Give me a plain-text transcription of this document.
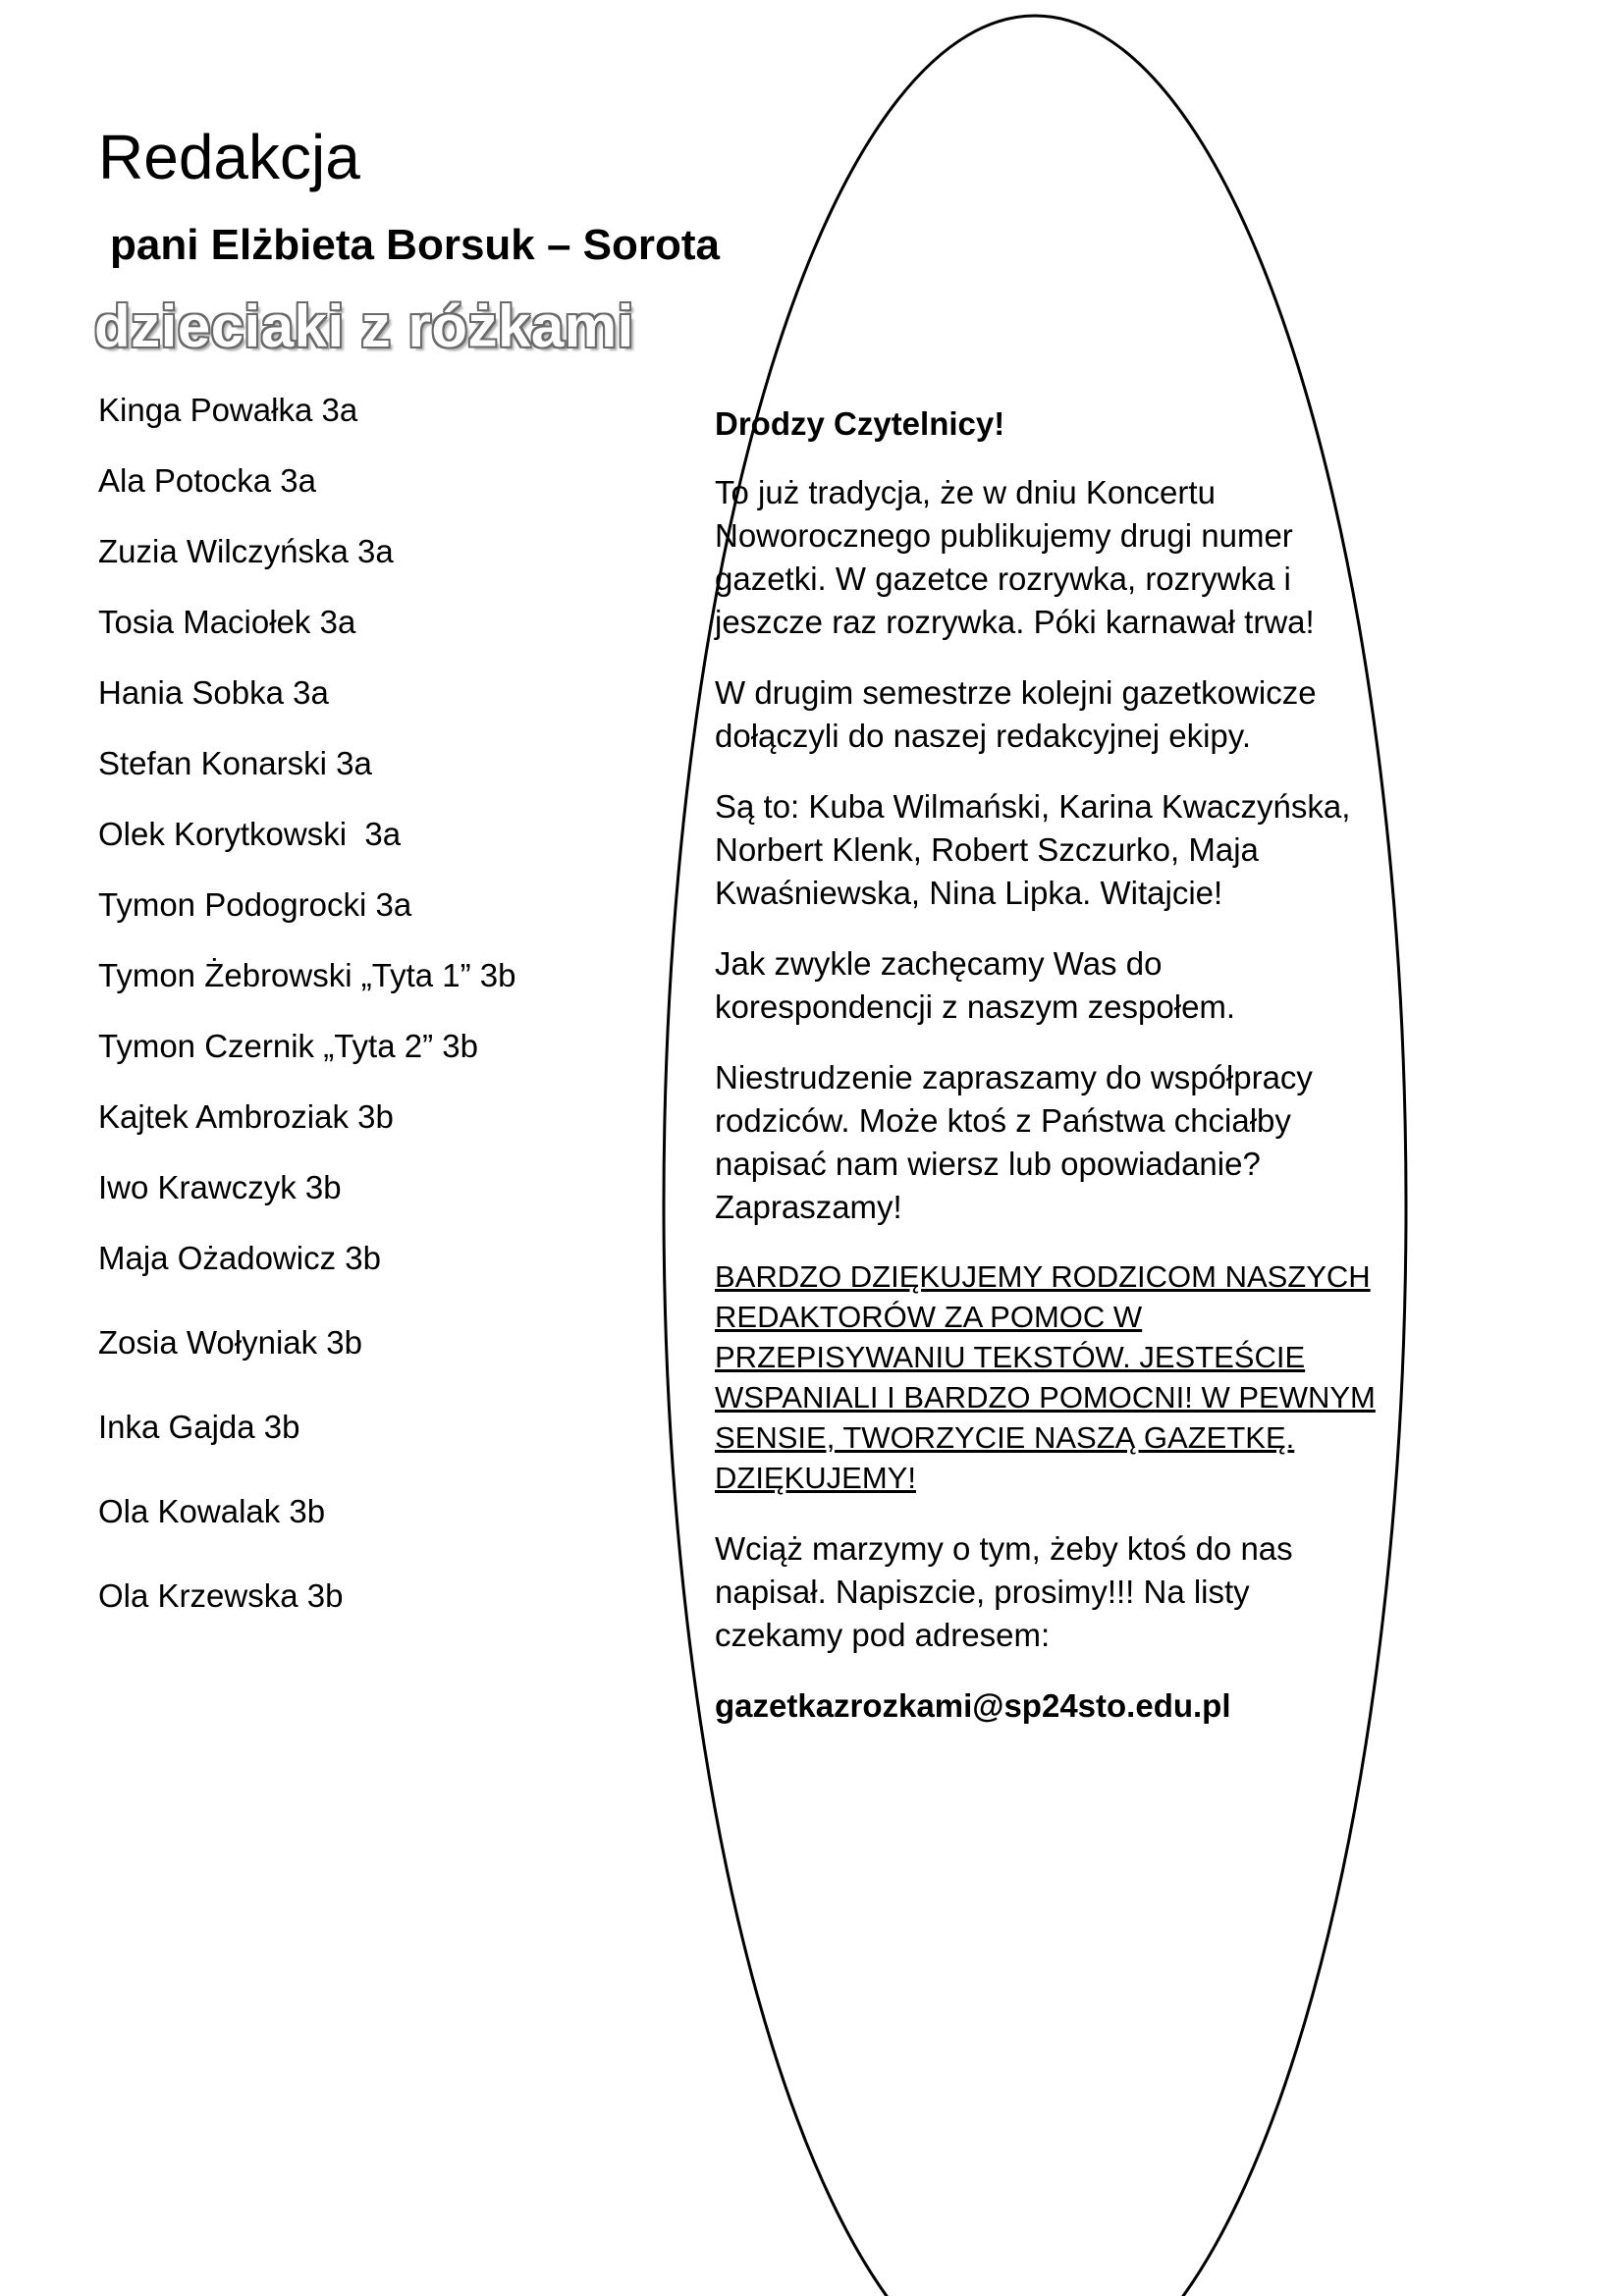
Redakcja
pani Elżbieta Borsuk – Sorota
dzieciaki z różkami
Kinga Powałka 3a
Ala Potocka 3a
Zuzia Wilczyńska 3a
Tosia Maciołek 3a
Hania Sobka 3a
Stefan Konarski 3a
Olek Korytkowski  3a
Tymon Podogrocki 3a
Tymon Żebrowski „Tyta 1” 3b
Tymon Czernik „Tyta 2” 3b
Kajtek Ambroziak 3b
Iwo Krawczyk 3b
Maja Ożadowicz 3b
Zosia Wołyniak 3b
Inka Gajda 3b
Ola Kowalak 3b
Ola Krzewska 3b

Drodzy Czytelnicy!

To już tradycja, że w dniu Koncertu Noworocznego publikujemy drugi numer gazetki. W gazetce rozrywka, rozrywka i jeszcze raz rozrywka. Póki karnawał trwa!

W drugim semestrze kolejni gazetkowicze dołączyli do naszej redakcyjnej ekipy.

Są to: Kuba Wilmański, Karina Kwaczyńska, Norbert Klenk, Robert Szczurko, Maja Kwaśniewska, Nina Lipka. Witajcie!

Jak zwykle zachęcamy Was do korespondencji z naszym zespołem.

Niestrudzenie zapraszamy do współpracy rodziców. Może ktoś z Państwa chciałby napisać nam wiersz lub opowiadanie? Zapraszamy!

BARDZO DZIĘKUJEMY RODZICOM NASZYCH REDAKTORÓW ZA POMOC W PRZEPISYWANIU TEKSTÓW. JESTEŚCIE WSPANIALI I BARDZO POMOCNI! W PEWNYM SENSIE, TWORZYCIE NASZĄ GAZETKĘ. DZIĘKUJEMY!

Wciąż marzymy o tym, żeby ktoś do nas napisał. Napiszcie, prosimy!!! Na listy czekamy pod adresem:

gazetkazrozkami@sp24sto.edu.pl
